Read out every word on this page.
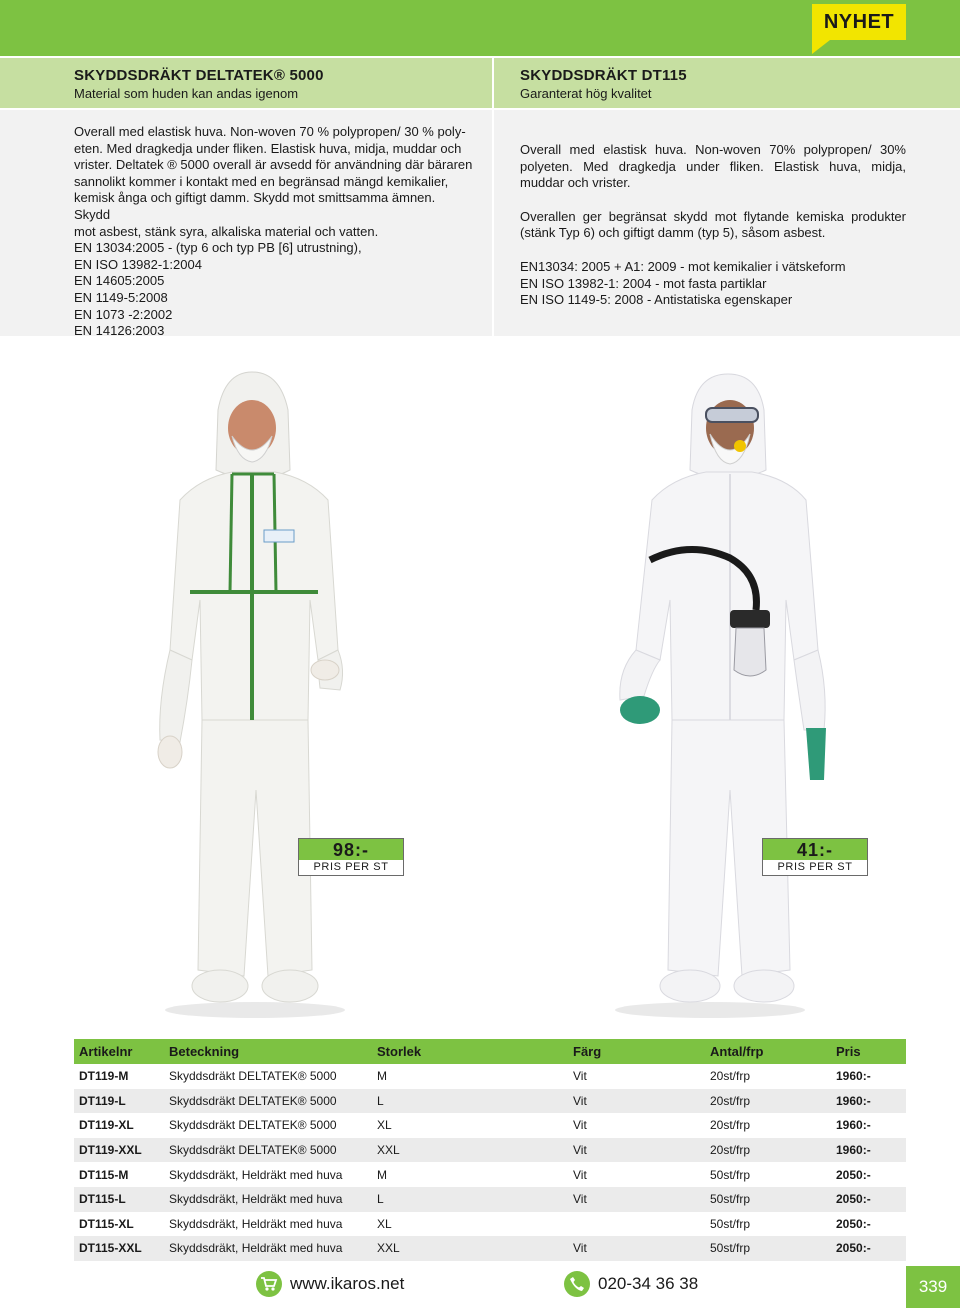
NYHET
SKYDDSDRÄKT DELTATEK® 5000
Material som huden kan andas igenom
SKYDDSDRÄKT DT115
Garanterat hög kvalitet

Overall med elastisk huva. Non-woven 70 % polypropen/ 30 % poly-

eten. Med dragkedja under fliken. Elastisk huva, midja, muddar och

vrister. Deltatek ® 5000 overall är avsedd för användning där bäraren

sannolikt kommer i kontakt med en begränsad mängd kemikalier,

kemisk ånga och giftigt damm. Skydd mot smittsamma ämnen. Skydd

mot asbest, stänk syra, alkaliska material och vatten.

EN 13034:2005 - (typ 6 och typ PB [6] utrustning),

EN ISO 13982-1:2004

EN 14605:2005

EN 1149-5:2008

EN 1073 -2:2002

EN 14126:2003

Overall med elastisk huva. Non-woven 70% polypropen/ 30% polyeten. Med dragkedja under fliken. Elastisk huva, midja, muddar och vrister.

Overallen ger begränsat skydd mot flytande kemiska produkter (stänk Typ 6) och giftigt damm (typ 5), såsom asbest.

EN13034: 2005 + A1: 2009 - mot kemikalier i vätskeform

EN ISO 13982-1: 2004 - mot fasta partiklar

EN ISO 1149-5: 2008 - Antistatiska egenskaper

98:-
PRIS PER ST
41:-
PRIS PER ST
Artikelnr	Beteckning	Storlek	Färg	Antal/frp	Pris
DT119-M	Skyddsdräkt DELTATEK® 5000	M	Vit	20st/frp	1960:-
DT119-L	Skyddsdräkt DELTATEK® 5000	L	Vit	20st/frp	1960:-
DT119-XL	Skyddsdräkt DELTATEK® 5000	XL	Vit	20st/frp	1960:-
DT119-XXL	Skyddsdräkt DELTATEK® 5000	XXL	Vit	20st/frp	1960:-
DT115-M	Skyddsdräkt, Heldräkt med huva	M	Vit	50st/frp	2050:-
DT115-L	Skyddsdräkt, Heldräkt med huva	L	Vit	50st/frp	2050:-
DT115-XL	Skyddsdräkt, Heldräkt med huva	XL		50st/frp	2050:-
DT115-XXL	Skyddsdräkt, Heldräkt med huva	XXL	Vit	50st/frp	2050:-
www.ikaros.net	020-34 36 38	339
